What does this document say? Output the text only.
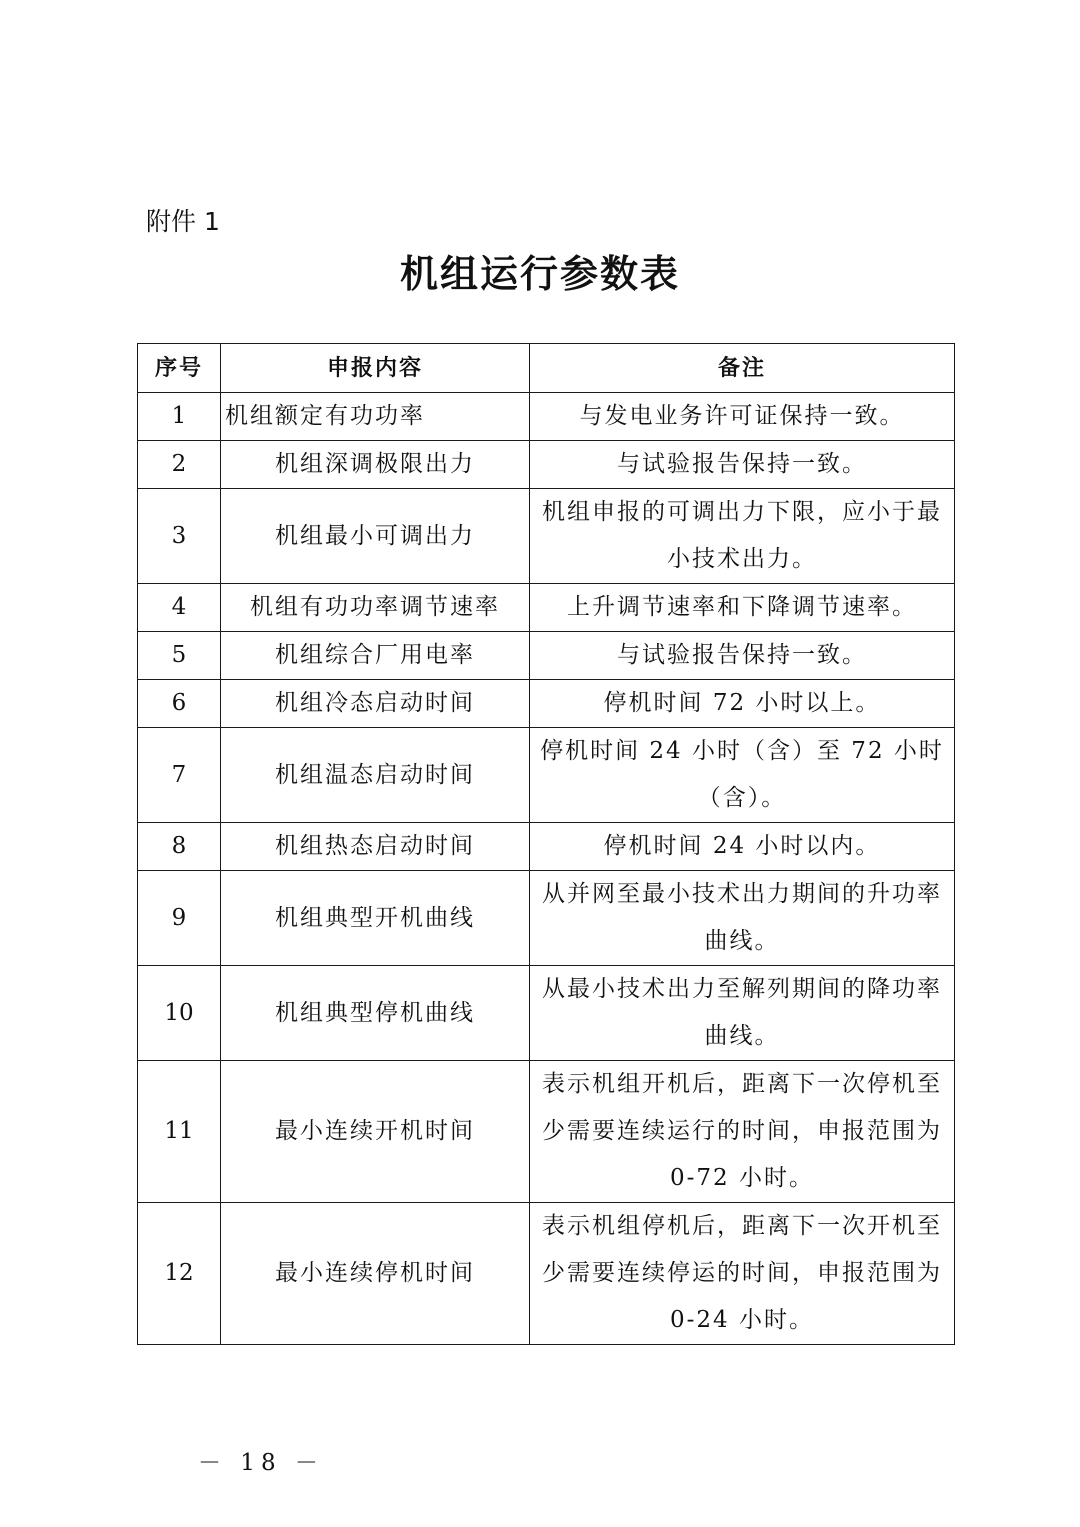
附件 1
机组运行参数表
序号	申报内容	备注
1	机组额定有功功率	与发电业务许可证保持一致。
2	机组深调极限出力	与试验报告保持一致。
3	机组最小可调出力	机组申报的可调出力下限，应小于最小技术出力。
4	机组有功功率调节速率	上升调节速率和下降调节速率。
5	机组综合厂用电率	与试验报告保持一致。
6	机组冷态启动时间	停机时间 72 小时以上。
7	机组温态启动时间	停机时间 24 小时（含）至 72 小时（含）。
8	机组热态启动时间	停机时间 24 小时以内。
9	机组典型开机曲线	从并网至最小技术出力期间的升功率曲线。
10	机组典型停机曲线	从最小技术出力至解列期间的降功率曲线。
11	最小连续开机时间	表示机组开机后，距离下一次停机至少需要连续运行的时间，申报范围为 0-72 小时。
12	最小连续停机时间	表示机组停机后，距离下一次开机至少需要连续停运的时间，申报范围为 0-24 小时。
－ 18 －
